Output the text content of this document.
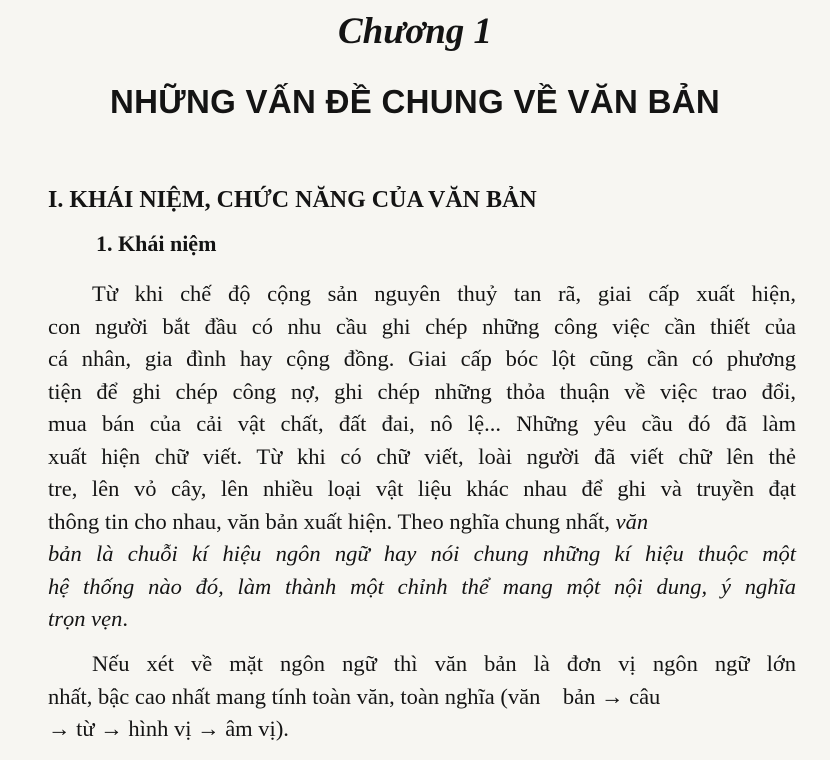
Chương 1
NHỮNG VẤN ĐỀ CHUNG VỀ VĂN BẢN
I. KHÁI NIỆM, CHỨC NĂNG CỦA VĂN BẢN
1. Khái niệm
Từ khi chế độ cộng sản nguyên thuỷ tan rã, giai cấp xuất hiện,
con người bắt đầu có nhu cầu ghi chép những công việc cần thiết của
cá nhân, gia đình hay cộng đồng. Giai cấp bóc lột cũng cần có phương
tiện để ghi chép công nợ, ghi chép những thỏa thuận về việc trao đổi,
mua bán của cải vật chất, đất đai, nô lệ... Những yêu cầu đó đã làm
xuất hiện chữ viết. Từ khi có chữ viết, loài người đã viết chữ lên thẻ
tre, lên vỏ cây, lên nhiều loại vật liệu khác nhau để ghi và truyền đạt
thông tin cho nhau, văn bản xuất hiện. Theo nghĩa chung nhất, văn
bản là chuỗi kí hiệu ngôn ngữ hay nói chung những kí hiệu thuộc một
hệ thống nào đó, làm thành một chỉnh thể mang một nội dung, ý nghĩa
trọn vẹn.
Nếu xét về mặt ngôn ngữ thì văn bản là đơn vị ngôn ngữ lớn
nhất, bậc cao nhất mang tính toàn văn, toàn nghĩa (văn    bản → câu
→ từ → hình vị → âm vị).
